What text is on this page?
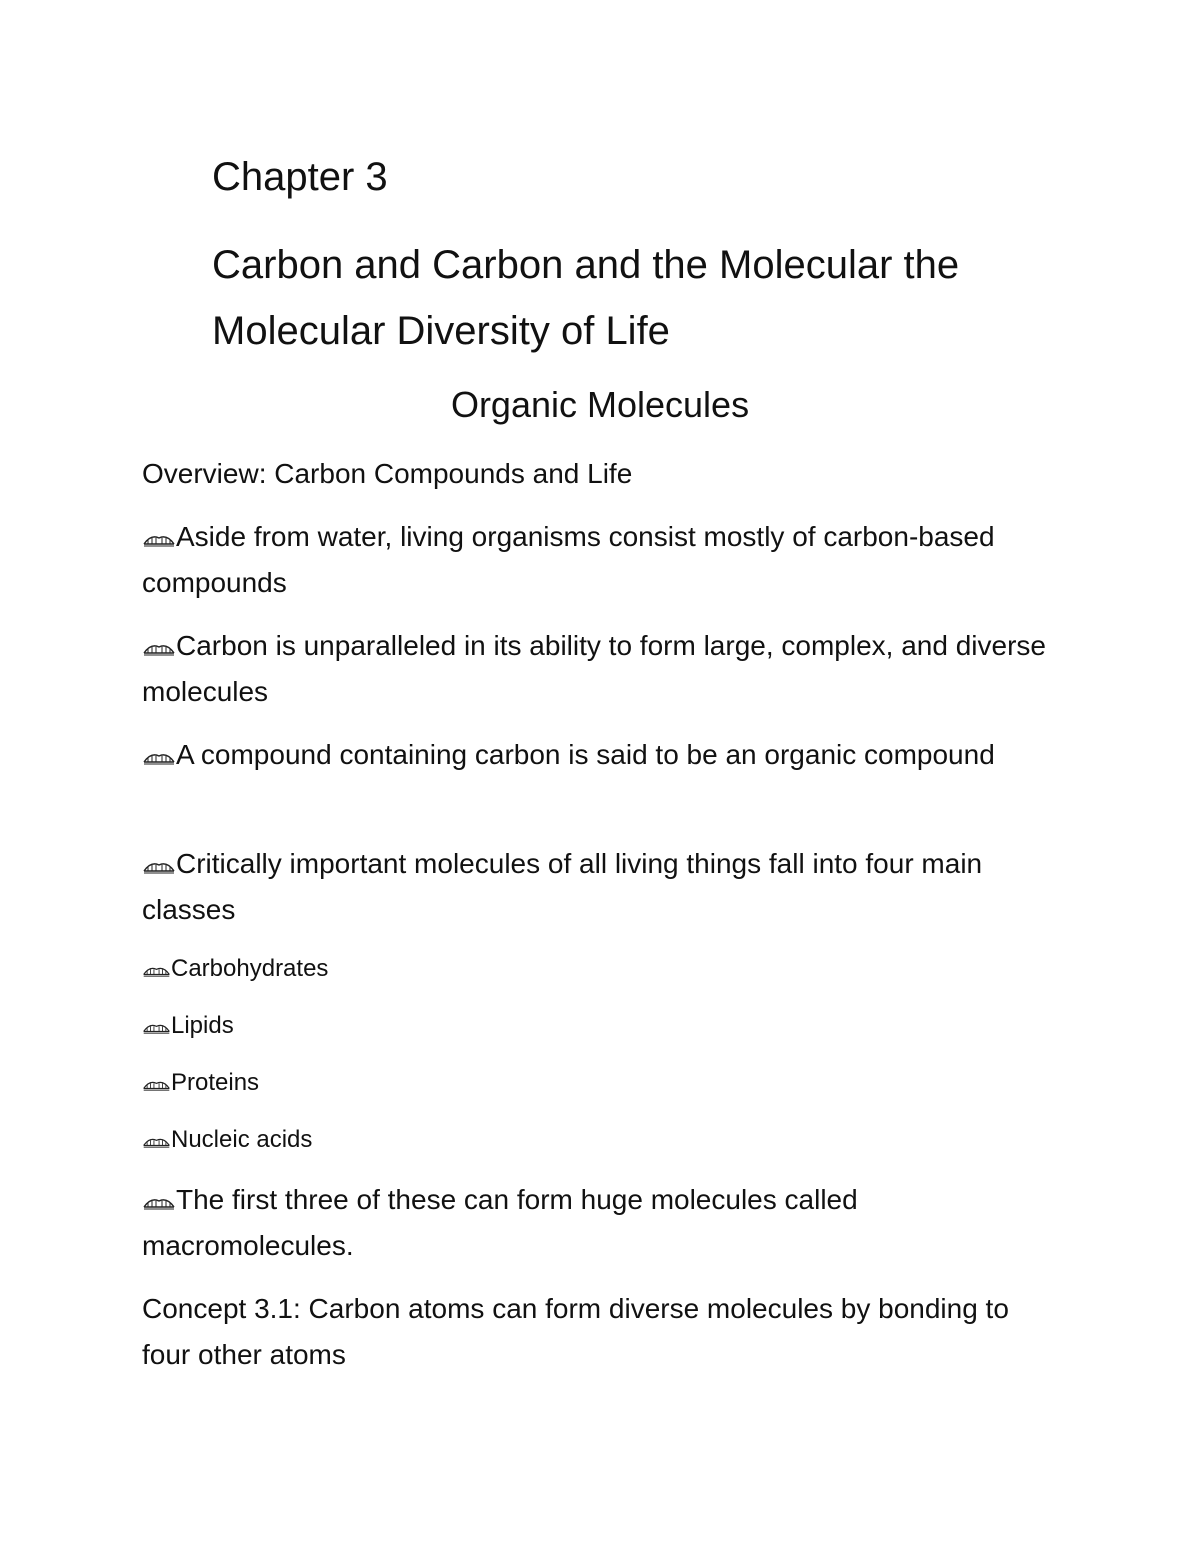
Chapter 3
Carbon and Carbon and the Molecular the Molecular Diversity of Life
Organic Molecules

Overview: Carbon Compounds and Life

Aside from water, living organisms consist mostly of carbon-based compounds

Carbon is unparalleled in its ability to form large, complex, and diverse molecules

A compound containing carbon is said to be an organic compound

Critically important molecules of all living things fall into four main classes

Carbohydrates

Lipids

Proteins

Nucleic acids

The first three of these can form huge molecules called macromolecules.

Concept 3.1: Carbon atoms can form diverse molecules by bonding to four other atoms
